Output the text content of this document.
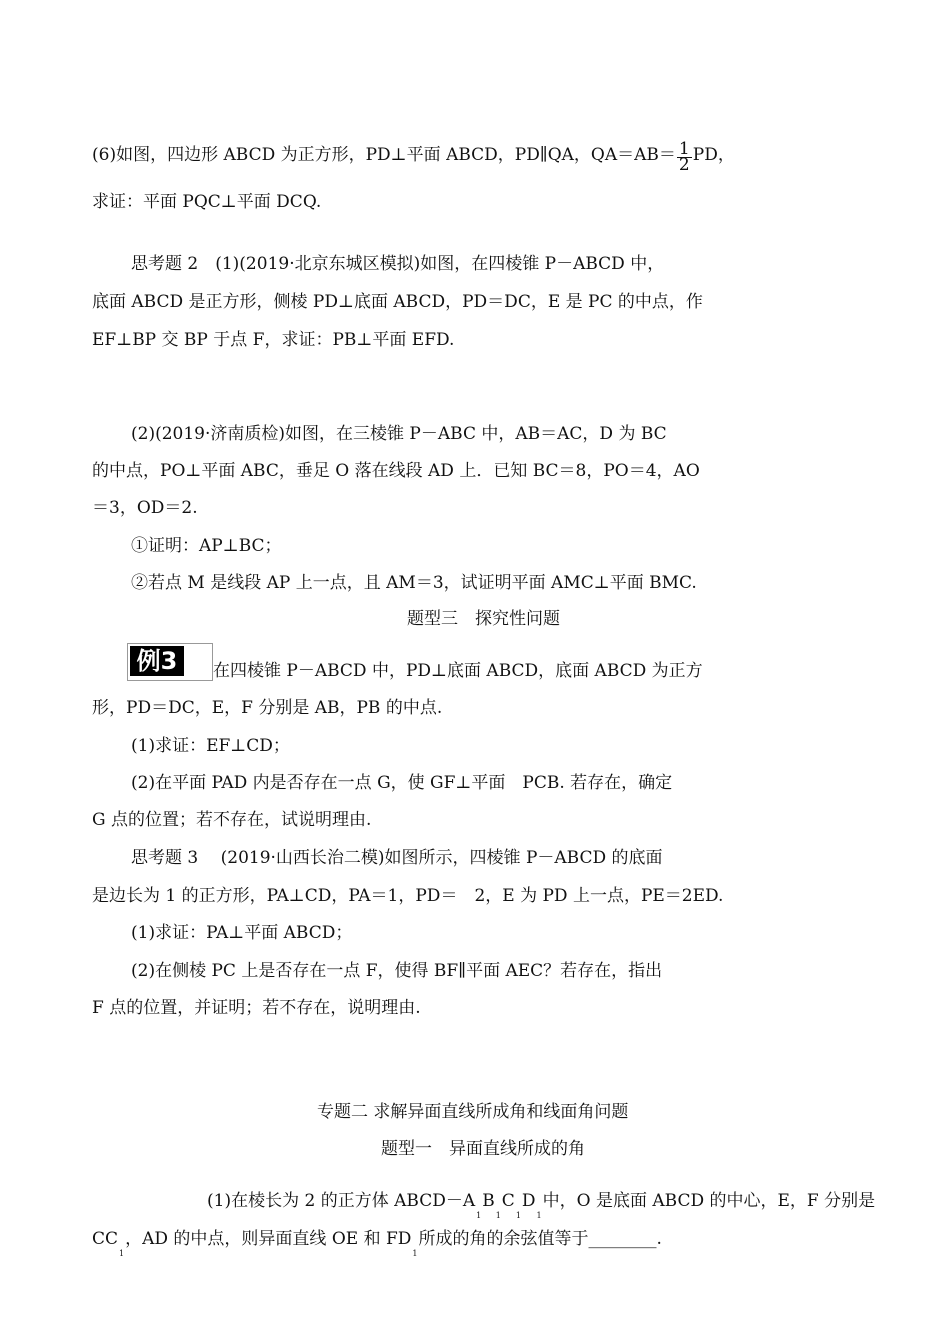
(6)如图，四边形 ABCD 为正方形，PD⊥平面 ABCD，PD∥QA，$QA=AB= \frac{1}{2}$ PD，
求证：平面 PQC⊥平面 DCQ.
思考题 2　(1)(2019·北京东城区模拟)如图，在四棱锥 P－ABCD 中，
底面 ABCD 是正方形，侧棱 PD⊥底面 ABCD，PD＝DC，E 是 PC 的中点，作
EF⊥BP 交 BP 于点 F，求证：PB⊥平面 EFD.
(2)(2019·济南质检)如图，在三棱锥 P－ABC 中，AB＝AC，D 为 BC
的中点，PO⊥平面 ABC，垂足 O 落在线段 AD 上．已知 BC＝8，PO＝4，AO
＝3，OD＝2.
①证明：AP⊥BC；
②若点 M 是线段 AP 上一点，且 AM＝3，试证明平面 AMC⊥平面 BMC.
题型三　探究性问题
例3	在四棱锥 P－ABCD 中，PD⊥底面 ABCD，底面 ABCD 为正方
形，PD＝DC，E，F 分别是 AB，PB 的中点.
(1)求证：EF⊥CD；
(2)在平面 PAD 内是否存在一点 G，使 GF⊥平面　PCB. 若存在，确定
G 点的位置；若不存在，试说明理由.
思考题 3　 (2019·山西长治二模)如图所示，四棱锥 P－ABCD 的底面
是边长为 1 的正方形，PA⊥CD，PA＝1，PD＝　2，E 为 PD 上一点，PE＝2ED.
(1)求证：PA⊥平面 ABCD；
(2)在侧棱 PC 上是否存在一点 F，使得 BF∥平面 AEC？若存在，指出
F 点的位置，并证明；若不存在，说明理由.
专题二 求解异面直线所成角和线面角问题
题型一　异面直线所成的角
(1)在棱长为 2 的正方体 $ABCD-A_1B_1C_1D_1$中，O 是底面 ABCD 的中心，E，F 分别是
$CC_1$，AD 的中点，则异面直线 OE 和 $FD_1$所成的角的余弦值等于________.
